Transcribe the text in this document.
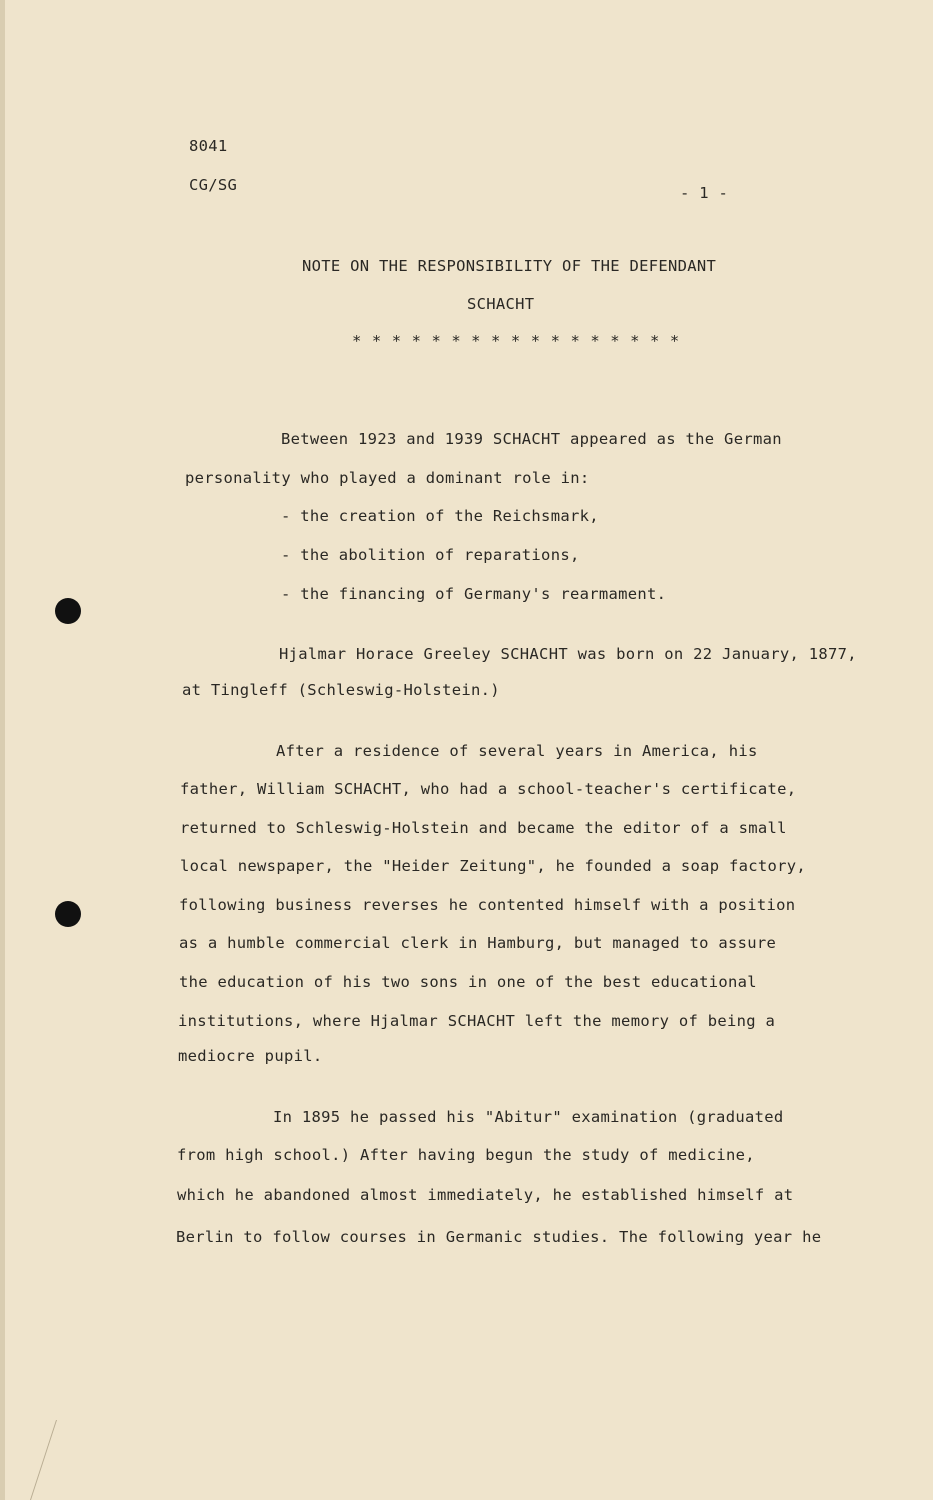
8041
CG/SG	- 1 -
NOTE ON THE RESPONSIBILITY OF THE DEFENDANT
SCHACHT
* * * * * * * * * * * * * * * * *
Between 1923 and 1939 SCHACHT appeared as the German
personality who played a dominant role in:
- the creation of the Reichsmark,
- the abolition of reparations,
- the financing of Germany's rearmament.
Hjalmar Horace Greeley SCHACHT was born on 22 January, 1877,
at Tingleff (Schleswig-Holstein.)
After a residence of several years in America, his
father, William SCHACHT, who had a school-teacher's certificate,
returned to Schleswig-Holstein and became the editor of a small
local newspaper, the "Heider Zeitung", he founded a soap factory,
following business reverses he contented himself with a position
as a humble commercial clerk in Hamburg, but managed to assure
the education of his two sons in one of the best educational
institutions, where Hjalmar SCHACHT left the memory of being a
mediocre pupil.
In 1895 he passed his "Abitur" examination (graduated
from high school.) After having begun the study of medicine,
which he abandoned almost immediately, he established himself at
Berlin to follow courses in Germanic studies. The following year he
